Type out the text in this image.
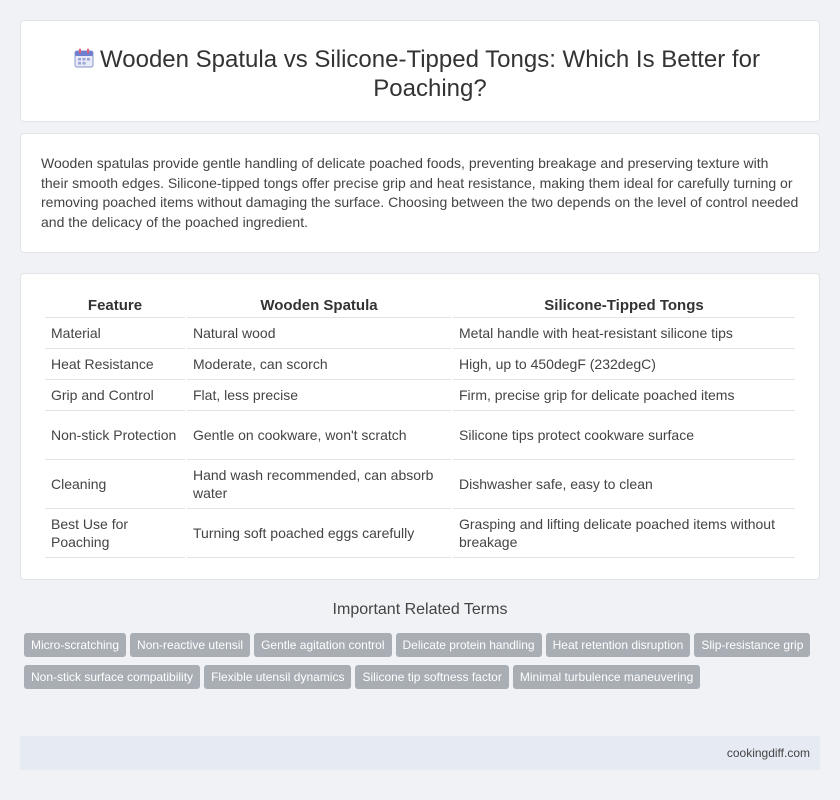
Wooden Spatula vs Silicone-Tipped Tongs: Which Is Better for Poaching?

Wooden spatulas provide gentle handling of delicate poached foods, preventing breakage and preserving texture with their smooth edges. Silicone-tipped tongs offer precise grip and heat resistance, making them ideal for carefully turning or removing poached items without damaging the surface. Choosing between the two depends on the level of control needed and the delicacy of the poached ingredient.

Feature	Wooden Spatula	Silicone-Tipped Tongs
Material	Natural wood	Metal handle with heat-resistant silicone tips
Heat Resistance	Moderate, can scorch	High, up to 450degF (232degC)
Grip and Control	Flat, less precise	Firm, precise grip for delicate poached items
Non-stick Protection	Gentle on cookware, won't scratch	Silicone tips protect cookware surface
Cleaning	Hand wash recommended, can absorb water	Dishwasher safe, easy to clean
Best Use for Poaching	Turning soft poached eggs carefully	Grasping and lifting delicate poached items without breakage
Important Related Terms
Micro-scratching	Non-reactive utensil	Gentle agitation control	Delicate protein handling	Heat retention disruption	Slip-resistance grip
Non-stick surface compatibility	Flexible utensil dynamics	Silicone tip softness factor	Minimal turbulence maneuvering
cookingdiff.com
